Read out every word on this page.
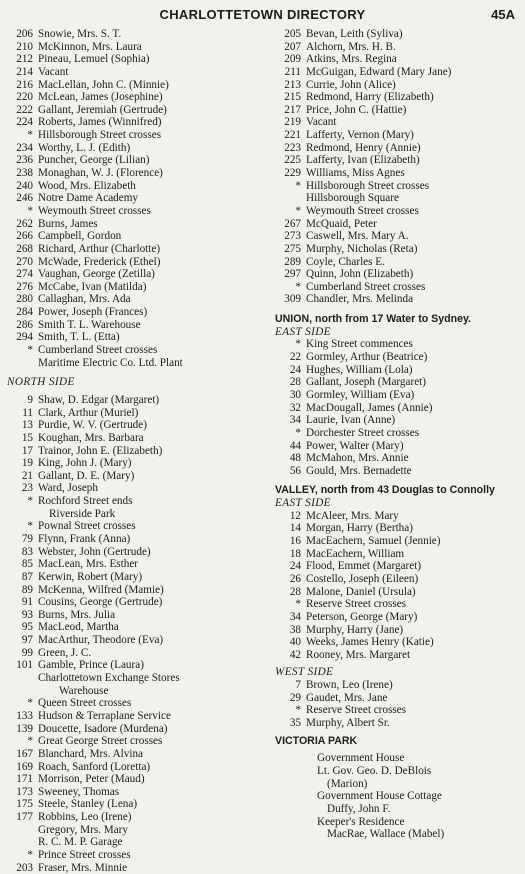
CHARLOTTETOWN DIRECTORY	45A
206 Snowie, Mrs. S. T.
210 McKinnon, Mrs. Laura
212 Pineau, Lemuel (Sophia)
214 Vacant
216 MacLellan, John C. (Minnie)
220 McLean, James (Josephine)
222 Gallant, Jeremiah (Gertrude)
224 Roberts, James (Winnifred)
* Hillsborough Street crosses
234 Worthy, L. J. (Edith)
236 Puncher, George (Lilian)
238 Monaghan, W. J. (Florence)
240 Wood, Mrs. Elizabeth
246 Notre Dame Academy
* Weymouth Street crosses
262 Burns, James
266 Campbell, Gordon
268 Richard, Arthur (Charlotte)
270 McWade, Frederick (Ethel)
274 Vaughan, George (Zetilla)
276 McCabe, Ivan (Matilda)
280 Callaghan, Mrs. Ada
284 Power, Joseph (Frances)
286 Smith T. L. Warehouse
294 Smith, T. L. (Etta)
* Cumberland Street crosses
Maritime Electric Co. Ltd. Plant
NORTH SIDE
9 Shaw, D. Edgar (Margaret)
11 Clark, Arthur (Muriel)
13 Purdie, W. V. (Gertrude)
15 Koughan, Mrs. Barbara
17 Trainor, John E. (Elizabeth)
19 King, John J. (Mary)
21 Gallant, D. E. (Mary)
23 Ward, Joseph
* Rochford Street ends
Riverside Park
* Pownal Street crosses
79 Flynn, Frank (Anna)
83 Webster, John (Gertrude)
85 MacLean, Mrs. Esther
87 Kerwin, Robert (Mary)
89 McKenna, Wilfred (Mamie)
91 Cousins, George (Gertrude)
93 Burns, Mrs. Julia
95 MacLeod, Martha
97 MacArthur, Theodore (Eva)
99 Green, J. C.
101 Gamble, Prince (Laura)
Charlottetown Exchange Stores
Warehouse
* Queen Street crosses
133 Hudson & Terraplane Service
139 Doucette, Isadore (Murdena)
* Great George Street crosses
167 Blanchard, Mrs. Alvina
169 Roach, Sanford (Loretta)
171 Morrison, Peter (Maud)
173 Sweeney, Thomas
175 Steele, Stanley (Lena)
177 Robbins, Leo (Irene)
Gregory, Mrs. Mary
R. C. M. P. Garage
* Prince Street crosses
203 Fraser, Mrs. Minnie
205 Bevan, Leith (Syliva)
207 Alchorn, Mrs. H. B.
209 Atkins, Mrs. Regina
211 McGuigan, Edward (Mary Jane)
213 Currie, John (Alice)
215 Redmond, Harry (Elizabeth)
217 Price, John C. (Hattie)
219 Vacant
221 Lafferty, Vernon (Mary)
223 Redmond, Henry (Annie)
225 Lafferty, Ivan (Elizabeth)
229 Williams, Miss Agnes
* Hillsborough Street crosses
Hillsborough Square
* Weymouth Street crosses
267 McQuaid, Peter
273 Caswell, Mrs. Mary A.
275 Murphy, Nicholas (Reta)
289 Coyle, Charles E.
297 Quinn, John (Elizabeth)
* Cumberland Street crosses
309 Chandler, Mrs. Melinda
UNION, north from 17 Water to Sydney.
EAST SIDE
* King Street commences
22 Gormley, Arthur (Beatrice)
24 Hughes, William (Lola)
28 Gallant, Joseph (Margaret)
30 Gormley, William (Eva)
32 MacDougall, James (Annie)
34 Laurie, Ivan (Anne)
* Dorchester Street crosses
44 Power, Walter (Mary)
48 McMahon, Mrs. Annie
56 Gould, Mrs. Bernadette
VALLEY, north from 43 Douglas to Connolly
EAST SIDE
12 McAleer, Mrs. Mary
14 Morgan, Harry (Bertha)
16 MacEachern, Samuel (Jennie)
18 MacEachern, William
24 Flood, Emmet (Margaret)
26 Costello, Joseph (Eileen)
28 Malone, Daniel (Ursula)
* Reserve Street crosses
34 Peterson, George (Mary)
38 Murphy, Harry (Jane)
40 Weeks, James Henry (Katie)
42 Rooney, Mrs. Margaret
WEST SIDE
7 Brown, Leo (Irene)
29 Gaudet, Mrs. Jane
* Reserve Street crosses
35 Murphy, Albert Sr.
VICTORIA PARK
Government House
Lt. Gov. Geo. D. DeBlois
(Marion)
Government House Cottage
Duffy, John F.
Keeper's Residence
MacRae, Wallace (Mabel)
